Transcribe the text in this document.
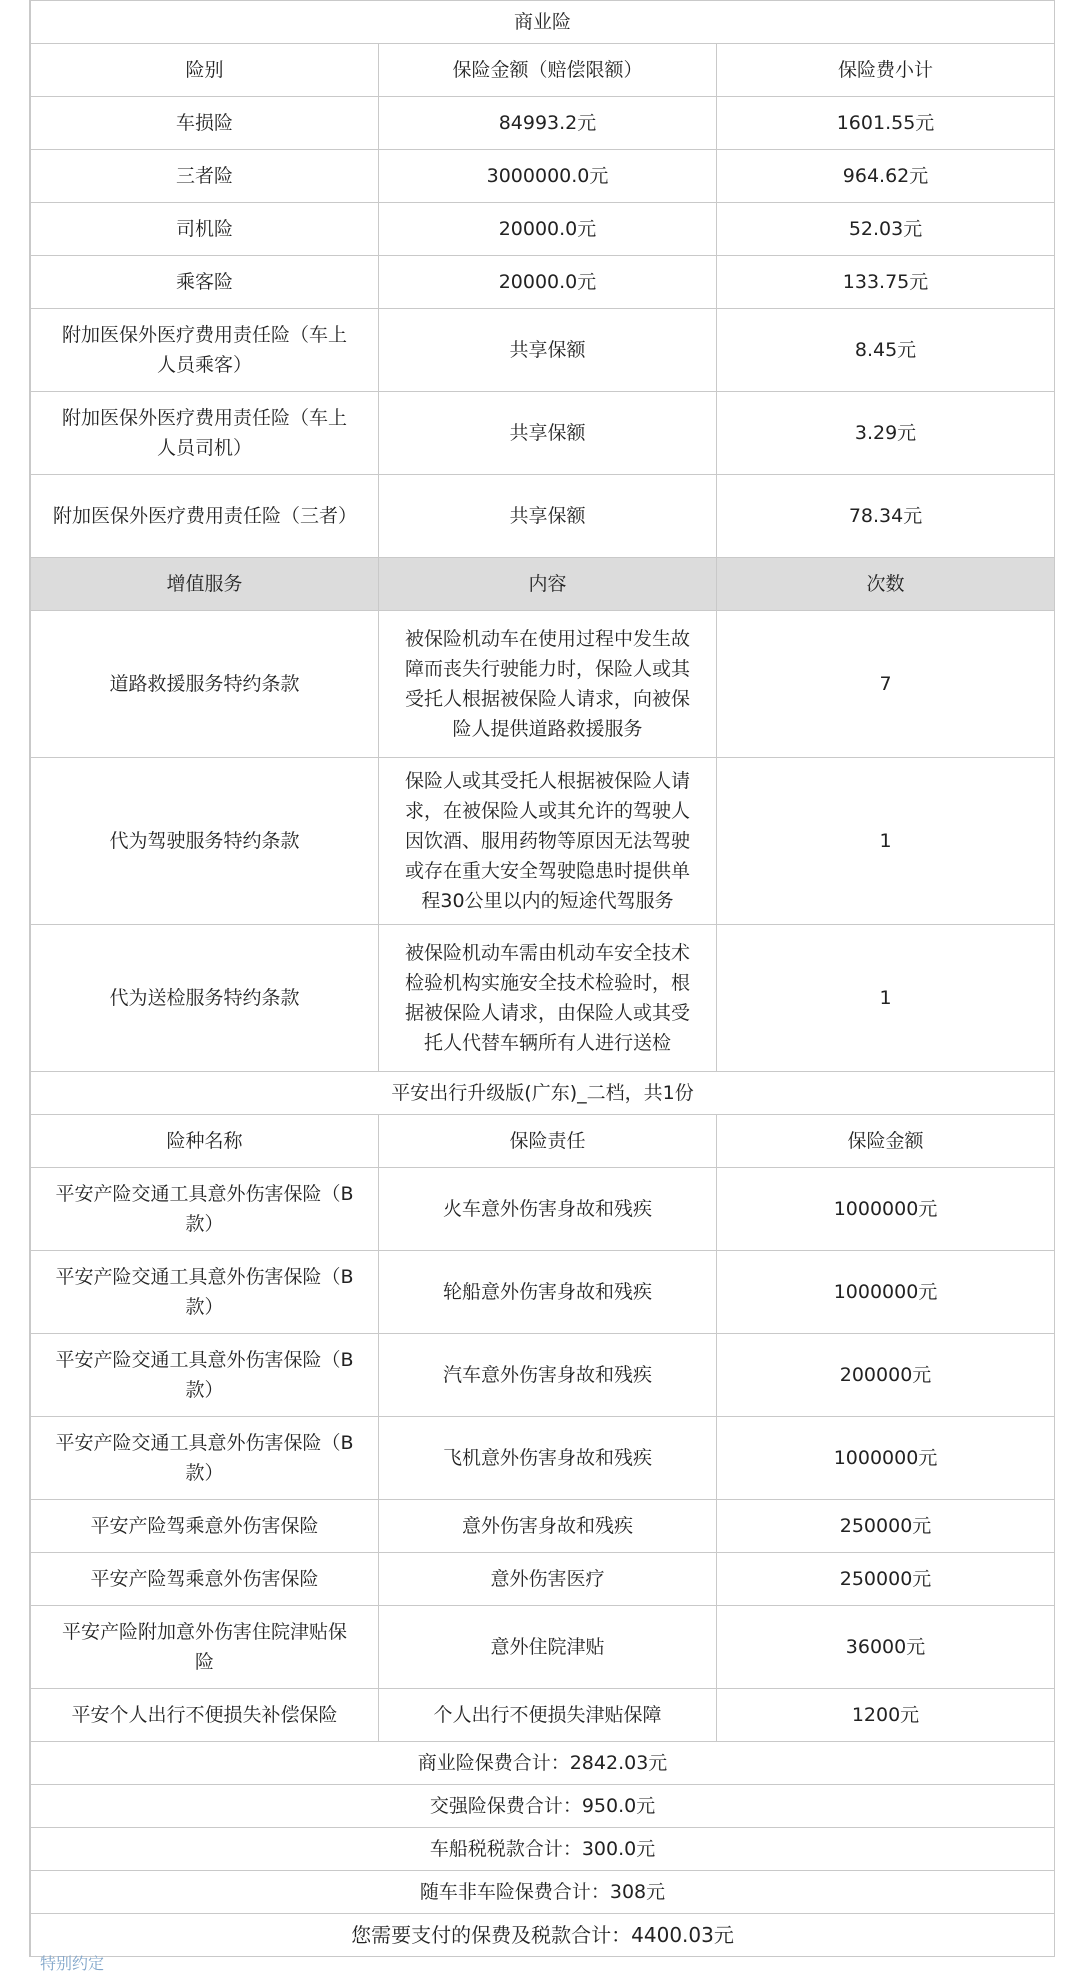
商业险		
险别	保险金额（赔偿限额）	保险费小计
车损险	84993.2元	1601.55元
三者险	3000000.0元	964.62元
司机险	20000.0元	52.03元
乘客险	20000.0元	133.75元
附加医保外医疗费用责任险（车上人员乘客）	共享保额	8.45元
附加医保外医疗费用责任险（车上人员司机）	共享保额	3.29元
附加医保外医疗费用责任险（三者）	共享保额	78.34元
增值服务	内容	次数
道路救援服务特约条款	被保险机动车在使用过程中发生故障而丧失行驶能力时，保险人或其受托人根据被保险人请求，向被保险人提供道路救援服务	7
代为驾驶服务特约条款	保险人或其受托人根据被保险人请求，在被保险人或其允许的驾驶人因饮酒、服用药物等原因无法驾驶或存在重大安全驾驶隐患时提供单程30公里以内的短途代驾服务	1
代为送检服务特约条款	被保险机动车需由机动车安全技术检验机构实施安全技术检验时，根据被保险人请求，由保险人或其受托人代替车辆所有人进行送检	1
平安出行升级版(广东)_二档，共1份		
险种名称	保险责任	保险金额
平安产险交通工具意外伤害保险（B款）	火车意外伤害身故和残疾	1000000元
平安产险交通工具意外伤害保险（B款）	轮船意外伤害身故和残疾	1000000元
平安产险交通工具意外伤害保险（B款）	汽车意外伤害身故和残疾	200000元
平安产险交通工具意外伤害保险（B款）	飞机意外伤害身故和残疾	1000000元
平安产险驾乘意外伤害保险	意外伤害身故和残疾	250000元
平安产险驾乘意外伤害保险	意外伤害医疗	250000元
平安产险附加意外伤害住院津贴保险	意外住院津贴	36000元
平安个人出行不便损失补偿保险	个人出行不便损失津贴保障	1200元
商业险保费合计：2842.03元		
交强险保费合计：950.0元		
车船税税款合计：300.0元		
随车非车险保费合计：308元		
您需要支付的保费及税款合计：4400.03元		
特别约定
